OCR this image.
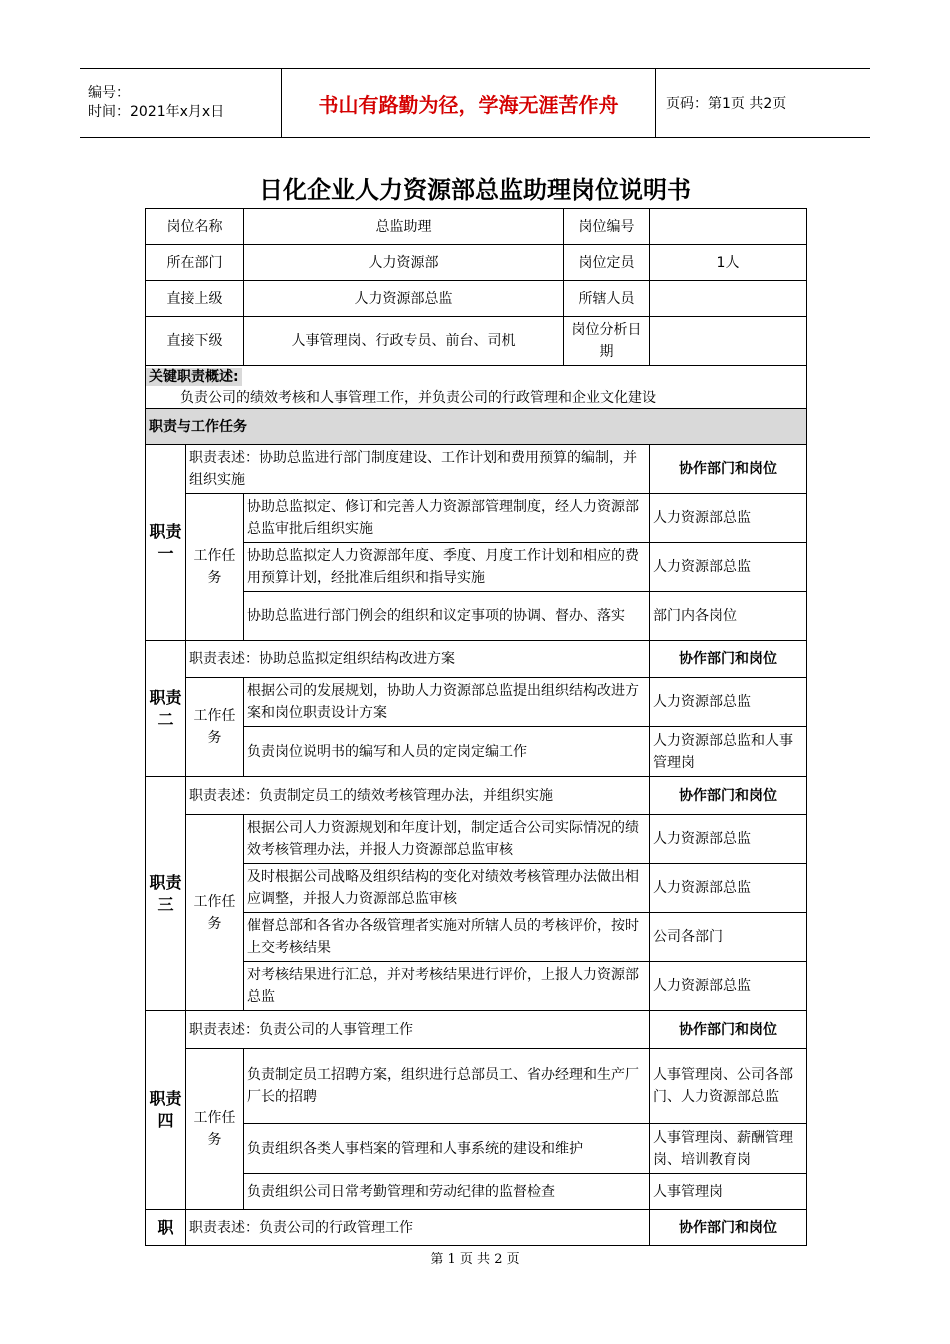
编号：
时间：2021年x月x日	书山有路勤为径，学海无涯苦作舟	页码：第1页 共2页
日化企业人力资源部总监助理岗位说明书
岗位名称		总监助理	岗位编号	
所在部门		人力资源部	岗位定员	1人
直接上级		人力资源部总监	所辖人员	
直接下级		人事管理岗、行政专员、前台、司机	岗位分析日期	
关键职责概述:
负责公司的绩效考核和人事管理工作，并负责公司的行政管理和企业文化建设				

职责与工作任务				
职责一	职责表述：协助总监进行部门制度建设、工作计划和费用预算的编制，并组织实施			协作部门和岗位
	工作任务	协助总监拟定、修订和完善人力资源部管理制度，经人力资源部总监审批后组织实施		人力资源部总监
		协助总监拟定人力资源部年度、季度、月度工作计划和相应的费用预算计划，经批准后组织和指导实施		人力资源部总监
		协助总监进行部门例会的组织和议定事项的协调、督办、落实		部门内各岗位
职责二	职责表述：协助总监拟定组织结构改进方案			协作部门和岗位
	工作任务	根据公司的发展规划，协助人力资源部总监提出组织结构改进方案和岗位职责设计方案		人力资源部总监
		负责岗位说明书的编写和人员的定岗定编工作		人力资源部总监和人事管理岗
职责三	职责表述：负责制定员工的绩效考核管理办法，并组织实施			协作部门和岗位
	工作任务	根据公司人力资源规划和年度计划，制定适合公司实际情况的绩效考核管理办法，并报人力资源部总监审核		人力资源部总监
		及时根据公司战略及组织结构的变化对绩效考核管理办法做出相应调整，并报人力资源部总监审核		人力资源部总监
		催督总部和各省办各级管理者实施对所辖人员的考核评价，按时上交考核结果		公司各部门
		对考核结果进行汇总，并对考核结果进行评价，上报人力资源部总监		人力资源部总监
职责四	职责表述：负责公司的人事管理工作			协作部门和岗位
	工作任务	负责制定员工招聘方案，组织进行总部员工、省办经理和生产厂厂长的招聘		人事管理岗、公司各部门、人力资源部总监
		负责组织各类人事档案的管理和人事系统的建设和维护		人事管理岗、薪酬管理岗、培训教育岗
		负责组织公司日常考勤管理和劳动纪律的监督检查		人事管理岗
职	职责表述：负责公司的行政管理工作			协作部门和岗位
第 1 页 共 2 页
